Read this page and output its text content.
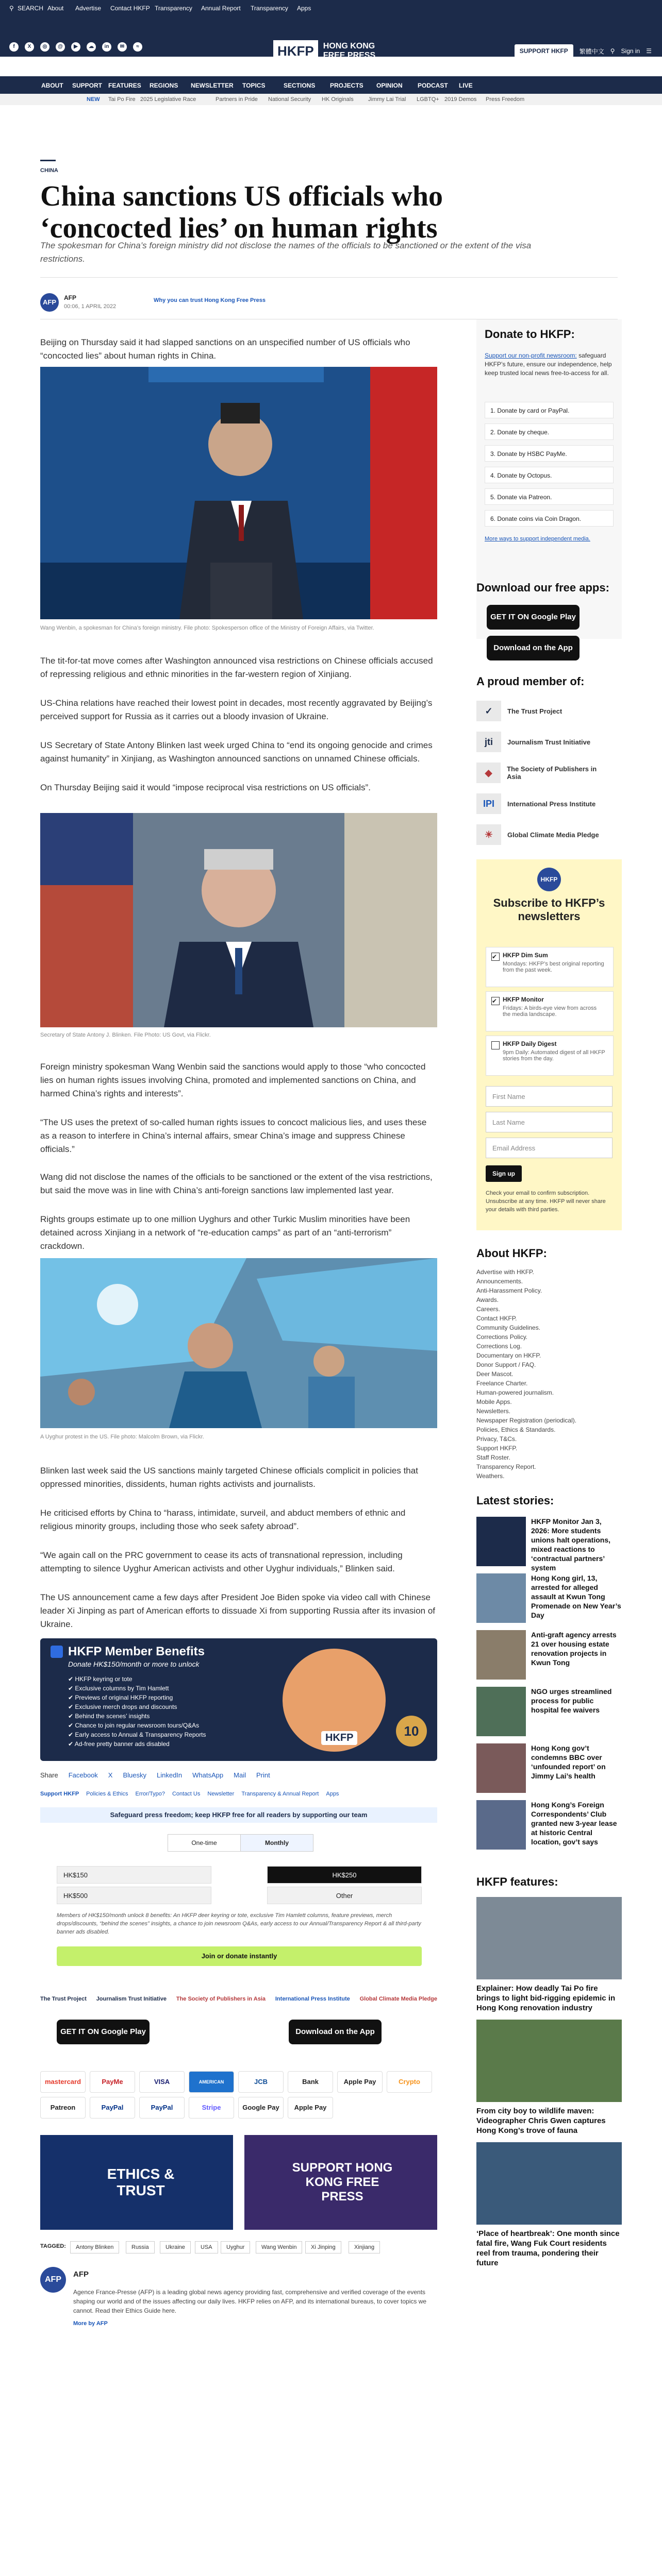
⚲ SEARCH About Advertise Contact HKFP Transparency Annual Report Transparency Apps
f	X	◎	@	▶	☁	in	✉	≈	HKFP	HONG KONG
FREE PRESS	SUPPORT HKFP	繁體中文 ⚲ Sign in ☰
ABOUT SUPPORT FEATURES REGIONS NEWSLETTER TOPICS	SECTIONS PROJECTS OPINION PODCAST LIVE
NEW Tai Po Fire 2025 Legislative Race	Partners in Pride National Security HK Originals	Jimmy Lai Trial LGBTQ+ 2019 Demos Press Freedom
CHINA
China sanctions US officials who ‘concocted lies’ on human rights
The spokesman for China’s foreign ministry did not disclose the names of the officials to be sanctioned or the extent of the visa restrictions.
AFP
AFP
00:06, 1 APRIL 2022
Why you can trust Hong Kong Free Press
Beijing on Thursday said it had slapped sanctions on an unspecified number of US officials who “concocted lies” about human rights in China.
Wang Wenbin, a spokesman for China’s foreign ministry. File photo: Spokesperson office of the Ministry of Foreign Affairs, via Twitter.
The tit-for-tat move comes after Washington announced visa restrictions on Chinese officials accused of repressing religious and ethnic minorities in the far-western region of Xinjiang.
US-China relations have reached their lowest point in decades, most recently aggravated by Beijing’s perceived support for Russia as it carries out a bloody invasion of Ukraine.
US Secretary of State Antony Blinken last week urged China to “end its ongoing genocide and crimes against humanity” in Xinjiang, as Washington announced sanctions on unnamed Chinese officials.
On Thursday Beijing said it would “impose reciprocal visa restrictions on US officials”.
Secretary of State Antony J. Blinken. File Photo: US Govt, via Flickr.
Foreign ministry spokesman Wang Wenbin said the sanctions would apply to those “who concocted lies on human rights issues involving China, promoted and implemented sanctions on China, and harmed China’s rights and interests”.
“The US uses the pretext of so-called human rights issues to concoct malicious lies, and uses these as a reason to interfere in China’s internal affairs, smear China’s image and suppress Chinese officials.”
Wang did not disclose the names of the officials to be sanctioned or the extent of the visa restrictions, but said the move was in line with China’s anti-foreign sanctions law implemented last year.
Rights groups estimate up to one million Uyghurs and other Turkic Muslim minorities have been detained across Xinjiang in a network of “re-education camps” as part of an “anti-terrorism” crackdown.
A Uyghur protest in the US. File photo: Malcolm Brown, via Flickr.
Blinken last week said the US sanctions mainly targeted Chinese officials complicit in policies that oppressed minorities, dissidents, human rights activists and journalists.
He criticised efforts by China to “harass, intimidate, surveil, and abduct members of ethnic and religious minority groups, including those who seek safety abroad”.
“We again call on the PRC government to cease its acts of transnational repression, including attempting to silence Uyghur American activists and other Uyghur individuals,” Blinken said.
The US announcement came a few days after President Joe Biden spoke via video call with Chinese leader Xi Jinping as part of American efforts to dissuade Xi from supporting Russia after its invasion of Ukraine.
HKFP Member Benefits
Donate HK$150/month or more to unlock
✔ HKFP keyring or tote
✔ Exclusive columns by Tim Hamlett
✔ Previews of original HKFP reporting
✔ Exclusive merch drops and discounts
✔ Behind the scenes’ insights
✔ Chance to join regular newsroom tours/Q&As
✔ Early access to Annual & Transparency Reports
✔ Ad-free pretty banner ads disabled
HKFP	10
Share Facebook X Bluesky LinkedIn WhatsApp Mail Print
Support HKFP Policies & Ethics Error/Typo? Contact Us Newsletter Transparency & Annual Report Apps
Safeguard press freedom; keep HKFP free for all readers by supporting our team
One-time	Monthly
HK$150	HK$250
HK$500	Other
Members of HK$150/month unlock 8 benefits: An HKFP deer keyring or tote, exclusive Tim Hamlett columns, feature previews, merch drops/discounts, “behind the scenes” insights, a chance to join newsroom Q&As, early access to our Annual/Transparency Report & all third-party banner ads disabled.
Join or donate instantly
The Trust Project Journalism Trust Initiative The Society of Publishers in Asia International Press Institute Global Climate Media Pledge
GET IT ON Google Play	Download on the App Store
mastercard	PayMe	VISA	AMERICAN EXPRESS
JCB	Bank	Apple Pay	Crypto
Patreon	PayPal	PayPal	Stripe	Google Pay	Apple Pay
ETHICS & TRUST
SUPPORT HONG KONG FREE PRESS
TAGGED:	Antony Blinken	Russia	Ukraine	USA	Uyghur	Wang Wenbin	Xi Jinping	Xinjiang
AFP
AFP
Agence France-Presse (AFP) is a leading global news agency providing fast, comprehensive and verified coverage of the events shaping our world and of the issues affecting our daily lives. HKFP relies on AFP, and its international bureaus, to cover topics we cannot. Read their Ethics Guide here.
More by AFP
Donate to HKFP:
Support our non-profit newsroom: safeguard HKFP’s future, ensure our independence, help keep trusted local news free-to-access for all.
1. Donate by card or PayPal.
2. Donate by cheque.
3. Donate by HSBC PayMe.
4. Donate by Octopus.
5. Donate via Patreon.
6. Donate coins via Coin Dragon.
More ways to support independent media.
Download our free apps:
GET IT ON Google Play
Download on the App Store
A proud member of:
✓	The Trust Project
jti	Journalism Trust Initiative
◆	The Society of Publishers in Asia
IPI	International Press Institute
☀	Global Climate Media Pledge
HKFP
Subscribe to HKFP’s newsletters
✔ HKFP Dim Sum
Mondays: HKFP’s best original reporting from the past week.
✔ HKFP Monitor
Fridays: A birds-eye view from across the media landscape.
HKFP Daily Digest
9pm Daily: Automated digest of all HKFP stories from the day.
First Name
Last Name
Email Address
Sign up
Check your email to confirm subscription. Unsubscribe at any time. HKFP will never share your details with third parties.
About HKFP:
Advertise with HKFP.
Announcements.
Anti-Harassment Policy.
Awards.
Careers.
Contact HKFP.
Community Guidelines.
Corrections Policy.
Corrections Log.
Documentary on HKFP.
Donor Support / FAQ.
Deer Mascot.
Freelance Charter.
Human-powered journalism.
Mobile Apps.
Newsletters.
Newspaper Registration (periodical).
Policies, Ethics & Standards.
Privacy, T&Cs.
Support HKFP.
Staff Roster.
Transparency Report.
Weathers.
Latest stories:
HKFP Monitor Jan 3, 2026: More students unions halt operations, mixed reactions to ‘contractual partners’ system
Hong Kong girl, 13, arrested for alleged assault at Kwun Tong Promenade on New Year’s Day
Anti-graft agency arrests 21 over housing estate renovation projects in Kwun Tong
NGO urges streamlined process for public hospital fee waivers
Hong Kong gov’t condemns BBC over ‘unfounded report’ on Jimmy Lai’s health
Hong Kong’s Foreign Correspondents’ Club granted new 3-year lease at historic Central location, gov’t says
HKFP features:
Explainer: How deadly Tai Po fire brings to light bid-rigging epidemic in Hong Kong renovation industry
From city boy to wildlife maven: Videographer Chris Gwen captures Hong Kong’s trove of fauna
‘Place of heartbreak’: One month since fatal fire, Wang Fuk Court residents reel from trauma, pondering their future
